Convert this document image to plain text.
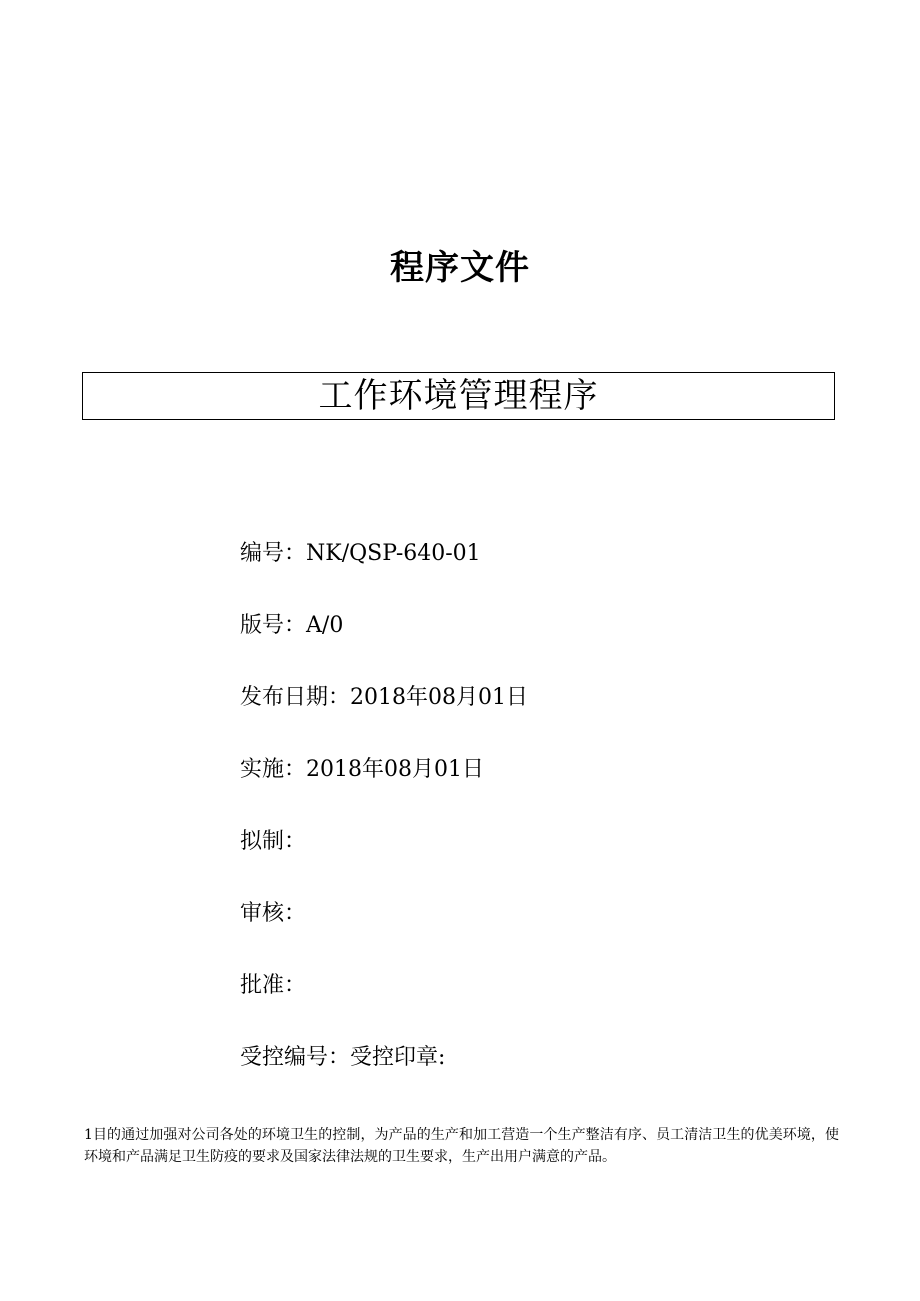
程序文件
工作环境管理程序
编号：NK/QSP-640-01
版号：A/0
发布日期：2018年08月01日
实施：2018年08月01日
拟制：
审核：
批准：
受控编号：受控印章:
1目的通过加强对公司各处的环境卫生的控制，为产品的生产和加工营造一个生产整洁有序、员工清洁卫生的优美环境，使环境和产品满足卫生防疫的要求及国家法律法规的卫生要求，生产出用户满意的产品。
